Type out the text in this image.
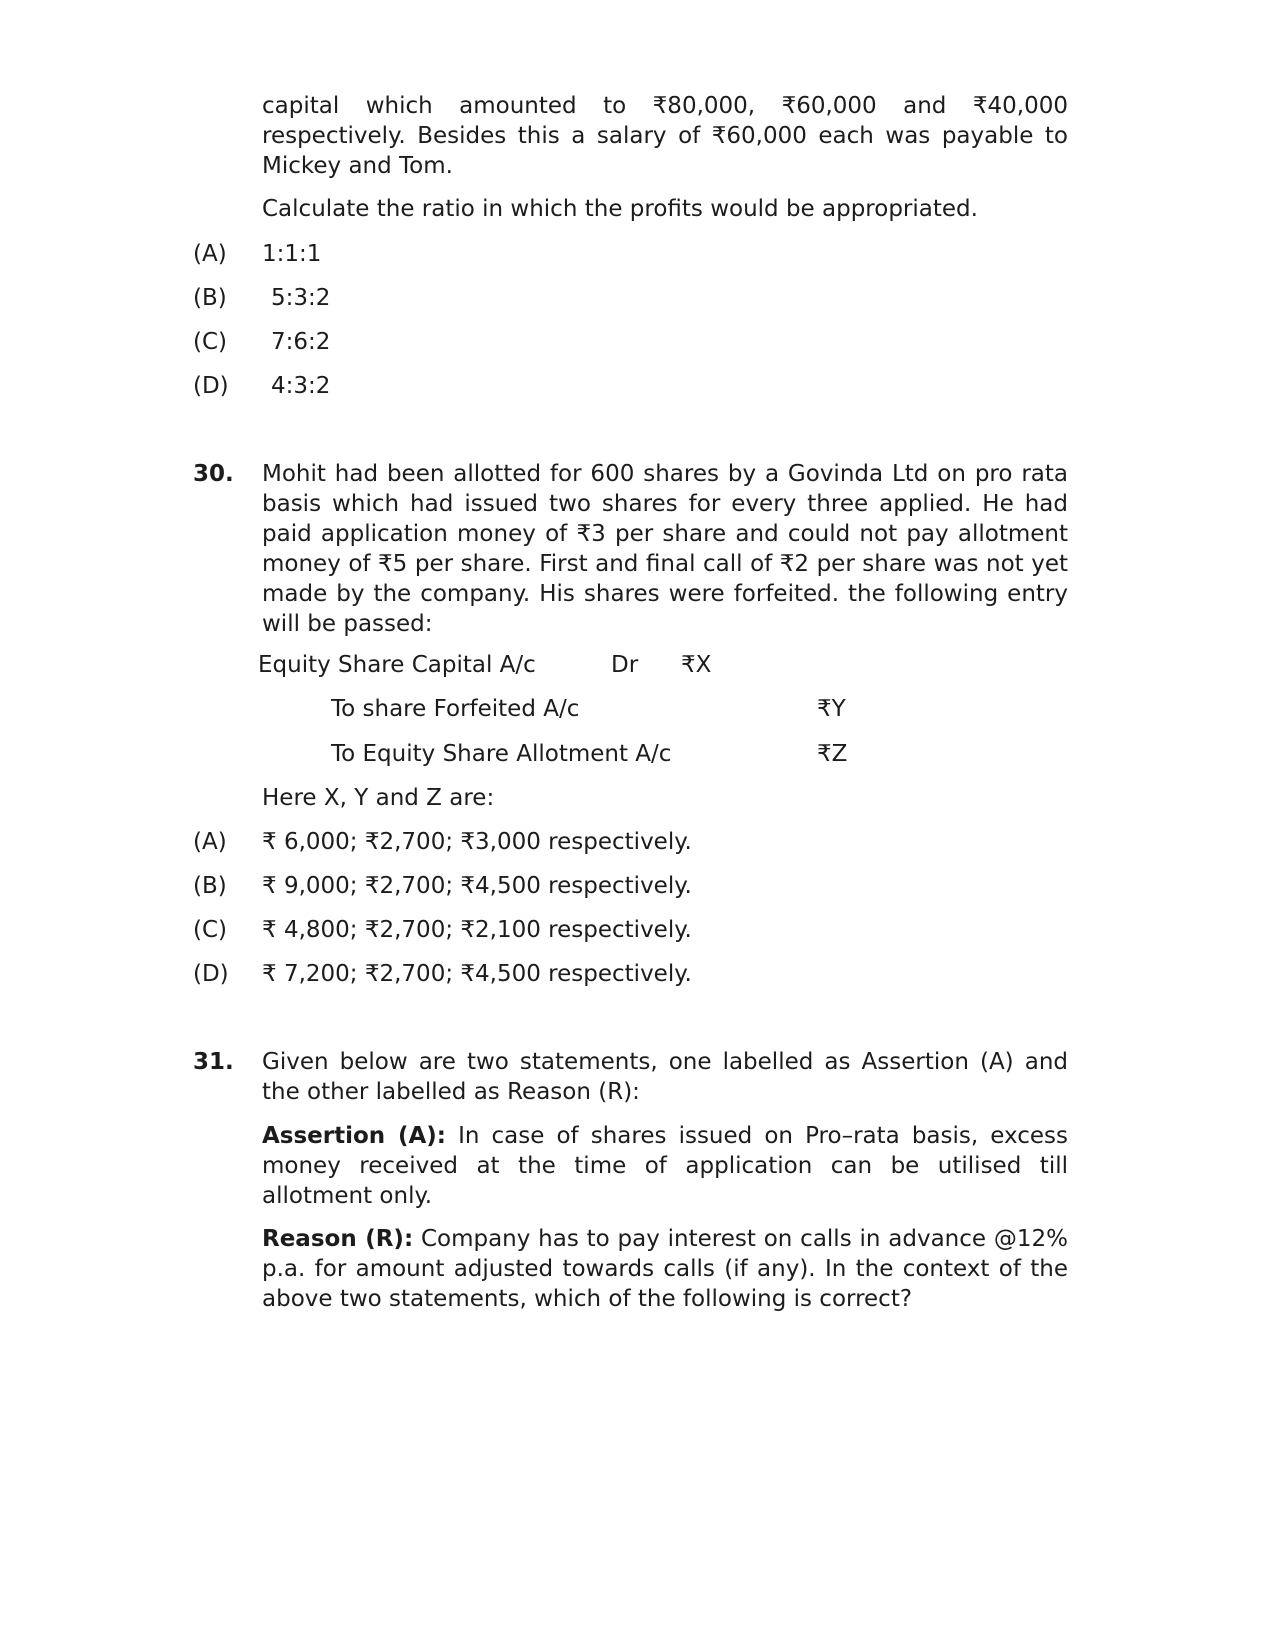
capital which amounted to ₹80,000, ₹60,000 and ₹40,000 respectively. Besides this a salary of ₹60,000 each was payable to Mickey and Tom.
Calculate the ratio in which the profits would be appropriated.
(A) 1:1:1
(B) 5:3:2
(C) 7:6:2
(D) 4:3:2
30. Mohit had been allotted for 600 shares by a Govinda Ltd on pro rata basis which had issued two shares for every three applied. He had paid application money of ₹3 per share and could not pay allotment money of ₹5 per share. First and final call of ₹2 per share was not yet made by the company. His shares were forfeited. the following entry will be passed:
Equity Share Capital A/c	Dr ₹X
To share Forfeited A/c	₹Y
To Equity Share Allotment A/c	₹Z
Here X, Y and Z are:
(A) ₹ 6,000; ₹2,700; ₹3,000 respectively.
(B) ₹ 9,000; ₹2,700; ₹4,500 respectively.
(C) ₹ 4,800; ₹2,700; ₹2,100 respectively.
(D) ₹ 7,200; ₹2,700; ₹4,500 respectively.
31. Given below are two statements, one labelled as Assertion (A) and the other labelled as Reason (R):
Assertion (A): In case of shares issued on Pro–rata basis, excess money received at the time of application can be utilised till allotment only.
Reason (R): Company has to pay interest on calls in advance @12% p.a. for amount adjusted towards calls (if any). In the context of the above two statements, which of the following is correct?
